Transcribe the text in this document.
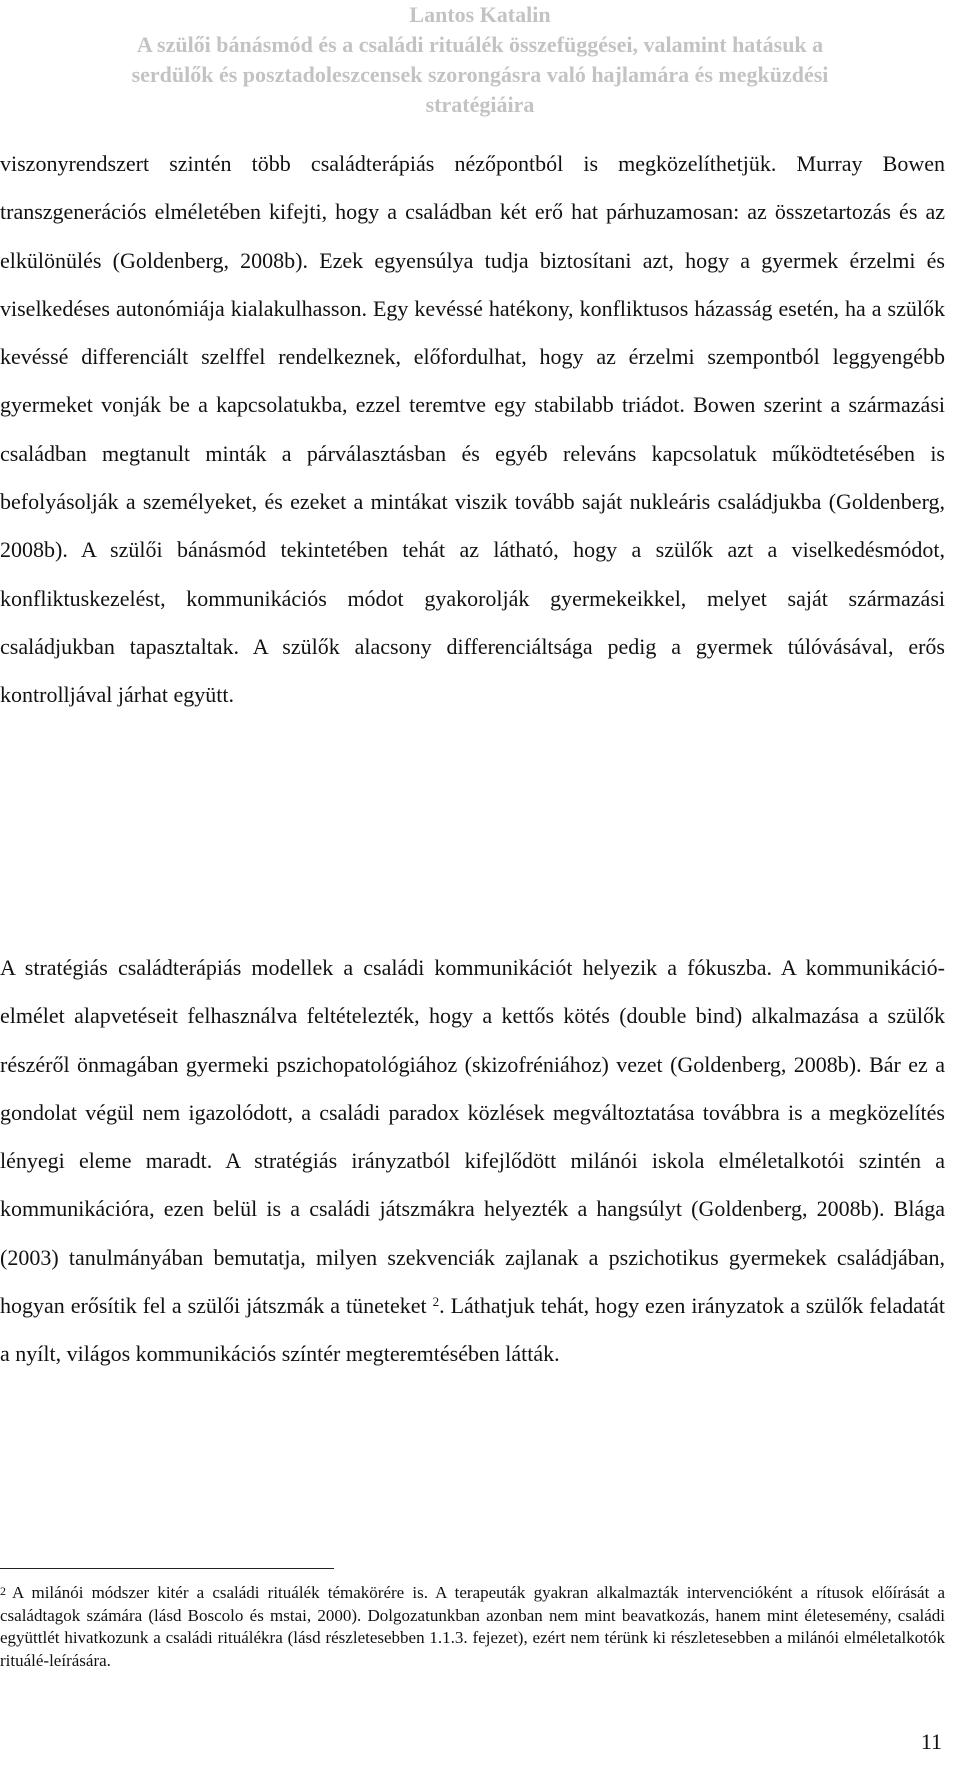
Lantos Katalin
A szülői bánásmód és a családi rituálék összefüggései, valamint hatásuk a
serdülők és posztadoleszcensek szorongásra való hajlamára és megküzdési
stratégiáira

viszonyrendszert szintén több családterápiás nézőpontból is megközelíthetjük. Murray Bowen transzgenerációs elméletében kifejti, hogy a családban két erő hat párhuzamosan: az összetartozás és az elkülönülés (Goldenberg, 2008b). Ezek egyensúlya tudja biztosítani azt, hogy a gyermek érzelmi és viselkedéses autonómiája kialakulhasson. Egy kevéssé hatékony, konfliktusos házasság esetén, ha a szülők kevéssé differenciált szelffel rendelkeznek, előfordulhat, hogy az érzelmi szempontból leggyengébb gyermeket vonják be a kapcsolatukba, ezzel teremtve egy stabilabb triádot. Bowen szerint a származási családban megtanult minták a párválasztásban és egyéb releváns kapcsolatuk működtetésében is befolyásolják a személyeket, és ezeket a mintákat viszik tovább saját nukleáris családjukba (Goldenberg, 2008b). A szülői bánásmód tekintetében tehát az látható, hogy a szülők azt a viselkedésmódot, konfliktuskezelést, kommunikációs módot gyakorolják gyermekeikkel, melyet saját származási családjukban tapasztaltak. A szülők alacsony differenciáltsága pedig a gyermek túlóvásával, erős kontrolljával járhat együtt.

A stratégiás családterápiás modellek a családi kommunikációt helyezik a fókuszba. A kommunikáció-elmélet alapvetéseit felhasználva feltételezték, hogy a kettős kötés (double bind) alkalmazása a szülők részéről önmagában gyermeki pszichopatológiához (skizofréniához) vezet (Goldenberg, 2008b). Bár ez a gondolat végül nem igazolódott, a családi paradox közlések megváltoztatása továbbra is a megközelítés lényegi eleme maradt. A stratégiás irányzatból kifejlődött milánói iskola elméletalkotói szintén a kommunikációra, ezen belül is a családi játszmákra helyezték a hangsúlyt (Goldenberg, 2008b). Blága (2003) tanulmányában bemutatja, milyen szekvenciák zajlanak a pszichotikus gyermekek családjában, hogyan erősítik fel a szülői játszmák a tüneteket $^2$. Láthatjuk tehát, hogy ezen irányzatok a szülők feladatát a nyílt, világos kommunikációs színtér megteremtésében látták.

$^2$ A milánói módszer kitér a családi rituálék témakörére is. A terapeuták gyakran alkalmazták intervencióként a rítusok előírását a családtagok számára (lásd Boscolo és mstai, 2000). Dolgozatunkban azonban nem mint beavatkozás, hanem mint életesemény, családi együttlét hivatkozunk a családi rituálékra (lásd részletesebben 1.1.3. fejezet), ezért nem térünk ki részletesebben a milánói elméletalkotók rituálé-leírására.

11
